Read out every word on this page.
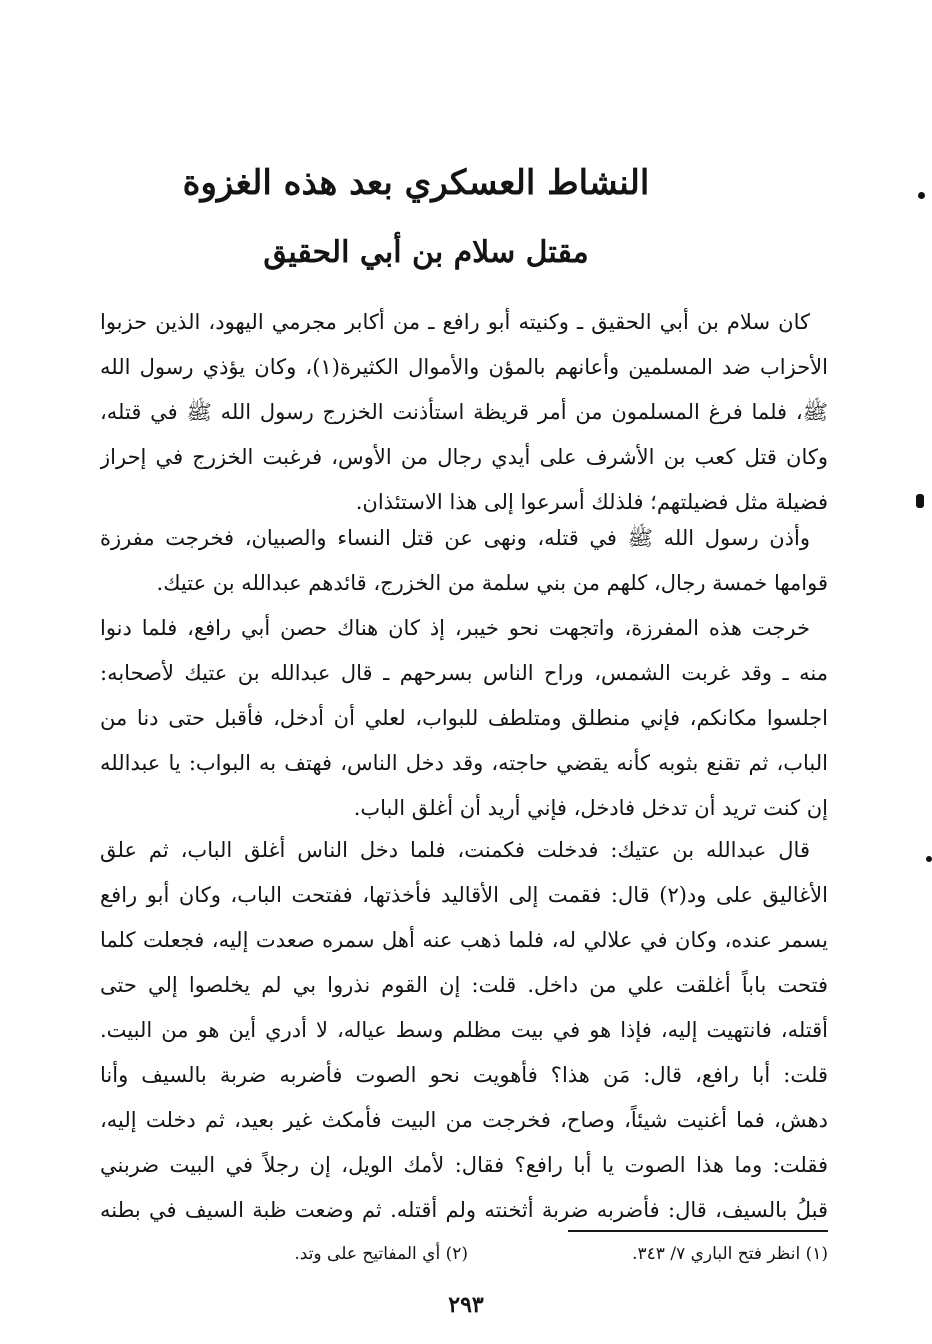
النشاط العسكري بعد هذه الغزوة
مقتل سلام بن أبي الحقيق
كان سلام بن أبي الحقيق ـ وكنيته أبو رافع ـ من أكابر مجرمي اليهود، الذين حزبوا
الأحزاب ضد المسلمين وأعانهم بالمؤن والأموال الكثيرة(١)، وكان يؤذي رسول الله
ﷺ، فلما فرغ المسلمون من أمر قريظة استأذنت الخزرج رسول الله ﷺ في قتله،
وكان قتل كعب بن الأشرف على أيدي رجال من الأوس، فرغبت الخزرج في إحراز
فضيلة مثل فضيلتهم؛ فلذلك أسرعوا إلى هذا الاستئذان.
وأذن رسول الله ﷺ في قتله، ونهى عن قتل النساء والصبيان، فخرجت مفرزة
قوامها خمسة رجال، كلهم من بني سلمة من الخزرج، قائدهم عبدالله بن عتيك.
خرجت هذه المفرزة، واتجهت نحو خيبر، إذ كان هناك حصن أبي رافع، فلما دنوا
منه ـ وقد غربت الشمس، وراح الناس بسرحهم ـ قال عبدالله بن عتيك لأصحابه:
اجلسوا مكانكم، فإني منطلق ومتلطف للبواب، لعلي أن أدخل، فأقبل حتى دنا من
الباب، ثم تقنع بثوبه كأنه يقضي حاجته، وقد دخل الناس، فهتف به البواب: يا عبدالله
إن كنت تريد أن تدخل فادخل، فإني أريد أن أغلق الباب.
قال عبدالله بن عتيك: فدخلت فكمنت، فلما دخل الناس أغلق الباب، ثم علق
الأغاليق على ود(٢) قال: فقمت إلى الأقاليد فأخذتها، ففتحت الباب، وكان أبو رافع
يسمر عنده، وكان في علالي له، فلما ذهب عنه أهل سمره صعدت إليه، فجعلت كلما
فتحت باباً أغلقت علي من داخل. قلت: إن القوم نذروا بي لم يخلصوا إلي حتى
أقتله، فانتهيت إليه، فإذا هو في بيت مظلم وسط عياله، لا أدري أين هو من البيت.
قلت: أبا رافع، قال: مَن هذا؟ فأهويت نحو الصوت فأضربه ضربة بالسيف وأنا
دهش، فما أغنيت شيئاً، وصاح، فخرجت من البيت فأمكث غير بعيد، ثم دخلت إليه،
فقلت: وما هذا الصوت يا أبا رافع؟ فقال: لأمك الويل، إن رجلاً في البيت ضربني
قبلُ بالسيف، قال: فأضربه ضربة أثخنته ولم أقتله. ثم وضعت ظبة السيف في بطنه
(١) انظر فتح الباري ٧/ ٣٤٣.
(٢) أي المفاتيح على وتد.
٢٩٣
